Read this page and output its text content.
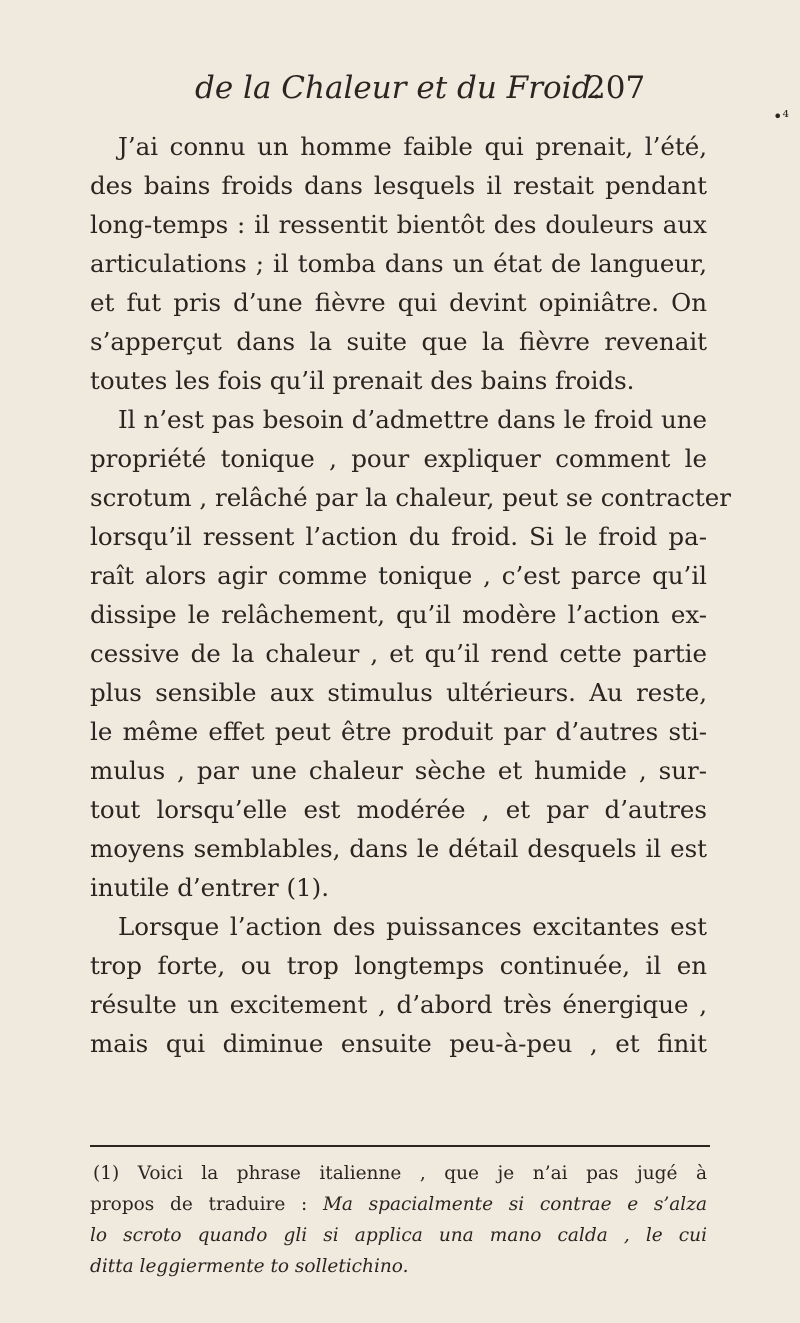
de la Chaleur et du Froid.
207
•⁴
J’ai connu un homme faible qui prenait, l’été,
des bains froids dans lesquels il restait pendant
long-temps : il ressentit bientôt des douleurs aux
articulations ; il tomba dans un état de langueur,
et fut pris d’une fièvre qui devint opiniâtre. On
s’apperçut dans la suite que la fièvre revenait
toutes les fois qu’il prenait des bains froids.
Il n’est pas besoin d’admettre dans le froid une
propriété tonique , pour expliquer comment le
scrotum , relâché par la chaleur, peut se contracter
lorsqu’il ressent l’action du froid. Si le froid pa-
raît alors agir comme tonique , c’est parce qu’il
dissipe le relâchement, qu’il modère l’action ex-
cessive de la chaleur , et qu’il rend cette partie
plus sensible aux stimulus ultérieurs. Au reste,
le même effet peut être produit par d’autres sti-
mulus , par une chaleur sèche et humide , sur-
tout lorsqu’elle est modérée , et par d’autres
moyens semblables, dans le détail desquels il est
inutile d’entrer (1).
Lorsque l’action des puissances excitantes est
trop forte, ou trop longtemps continuée, il en
résulte un excitement , d’abord très énergique ,
mais qui diminue ensuite peu-à-peu , et finit
(1) Voici la phrase italienne , que je n’ai pas jugé à
propos de traduire : Ma spacialmente si contrae e s’alza
lo scroto quando gli si applica una mano calda , le cui
ditta leggiermente to solletichino.
